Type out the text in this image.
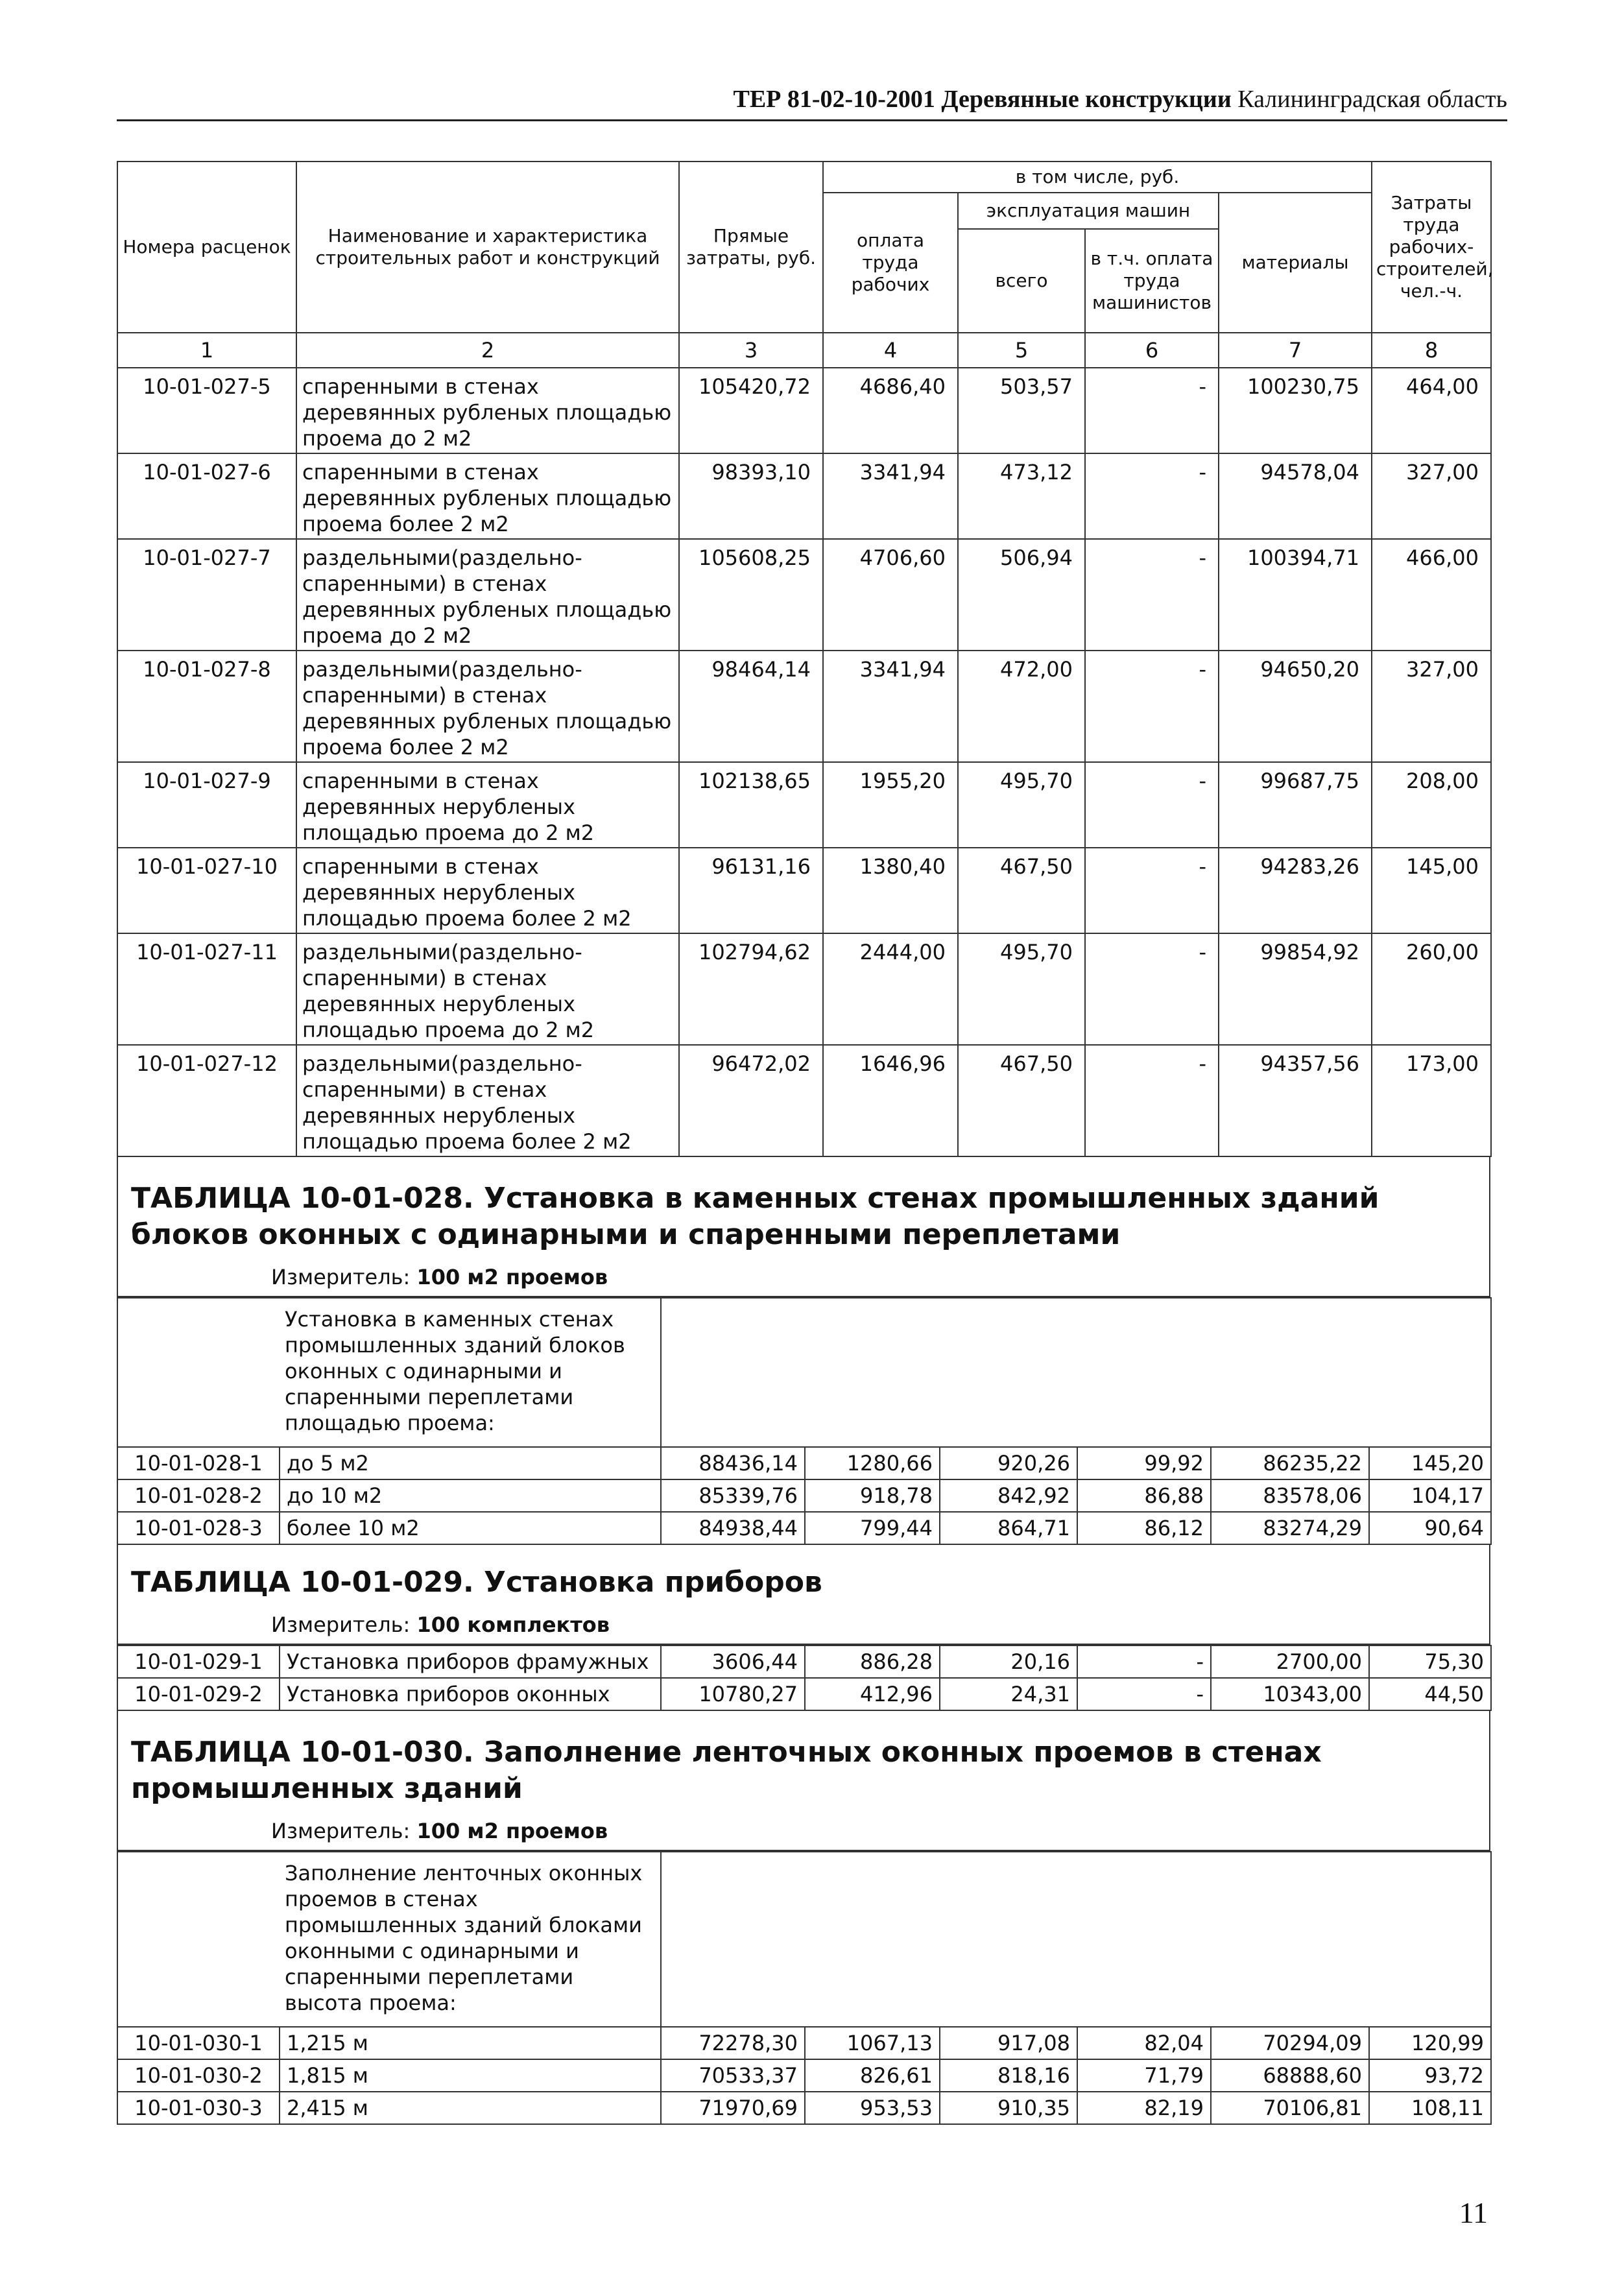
ТЕР 81-02-10-2001 Деревянные конструкции Калининградская область
Номера расценок	Наименование и характеристика строительных работ и конструкций	Прямые затраты, руб.	в том числе, руб.				Затраты труда рабочих-строителей, чел.-ч.
			оплата труда рабочих	эксплуатация машин		материалы	
				всего	в т.ч. оплата труда машинистов		
1	2	3	4	5	6	7	8
10-01-027-5	спаренными в стенах деревянных рубленых площадью проема до 2 м2	105420,72	4686,40	503,57	-	100230,75	464,00
10-01-027-6	спаренными в стенах деревянных рубленых площадью проема более 2 м2	98393,10	3341,94	473,12	-	94578,04	327,00
10-01-027-7	раздельными(раздельно-спаренными) в стенах деревянных рубленых площадью проема до 2 м2	105608,25	4706,60	506,94	-	100394,71	466,00
10-01-027-8	раздельными(раздельно-спаренными) в стенах деревянных рубленых площадью проема более 2 м2	98464,14	3341,94	472,00	-	94650,20	327,00
10-01-027-9	спаренными в стенах деревянных нерубленых площадью проема до 2 м2	102138,65	1955,20	495,70	-	99687,75	208,00
10-01-027-10	спаренными в стенах деревянных нерубленых площадью проема более 2 м2	96131,16	1380,40	467,50	-	94283,26	145,00
10-01-027-11	раздельными(раздельно-спаренными) в стенах деревянных нерубленых площадью проема до 2 м2	102794,62	2444,00	495,70	-	99854,92	260,00
10-01-027-12	раздельными(раздельно-спаренными) в стенах деревянных нерубленых площадью проема более 2 м2	96472,02	1646,96	467,50	-	94357,56	173,00
ТАБЛИЦА 10-01-028. Установка в каменных стенах промышленных зданий блоков оконных с одинарными и спаренными переплетами
Измеритель: 100 м2 проемов
	Установка в каменных стенах промышленных зданий блоков оконных с одинарными и спаренными переплетами площадью проема:						
10-01-028-1	до 5 м2	88436,14	1280,66	920,26	99,92	86235,22	145,20
10-01-028-2	до 10 м2	85339,76	918,78	842,92	86,88	83578,06	104,17
10-01-028-3	более 10 м2	84938,44	799,44	864,71	86,12	83274,29	90,64
ТАБЛИЦА 10-01-029. Установка приборов
Измеритель: 100 комплектов
10-01-029-1	Установка приборов фрамужных	3606,44	886,28	20,16	-	2700,00	75,30
10-01-029-2	Установка приборов оконных	10780,27	412,96	24,31	-	10343,00	44,50
ТАБЛИЦА 10-01-030. Заполнение ленточных оконных проемов в стенах промышленных зданий
Измеритель: 100 м2 проемов
	Заполнение ленточных оконных проемов в стенах промышленных зданий блоками оконными с одинарными и спаренными переплетами высота проема:						
10-01-030-1	1,215 м	72278,30	1067,13	917,08	82,04	70294,09	120,99
10-01-030-2	1,815 м	70533,37	826,61	818,16	71,79	68888,60	93,72
10-01-030-3	2,415 м	71970,69	953,53	910,35	82,19	70106,81	108,11
11
